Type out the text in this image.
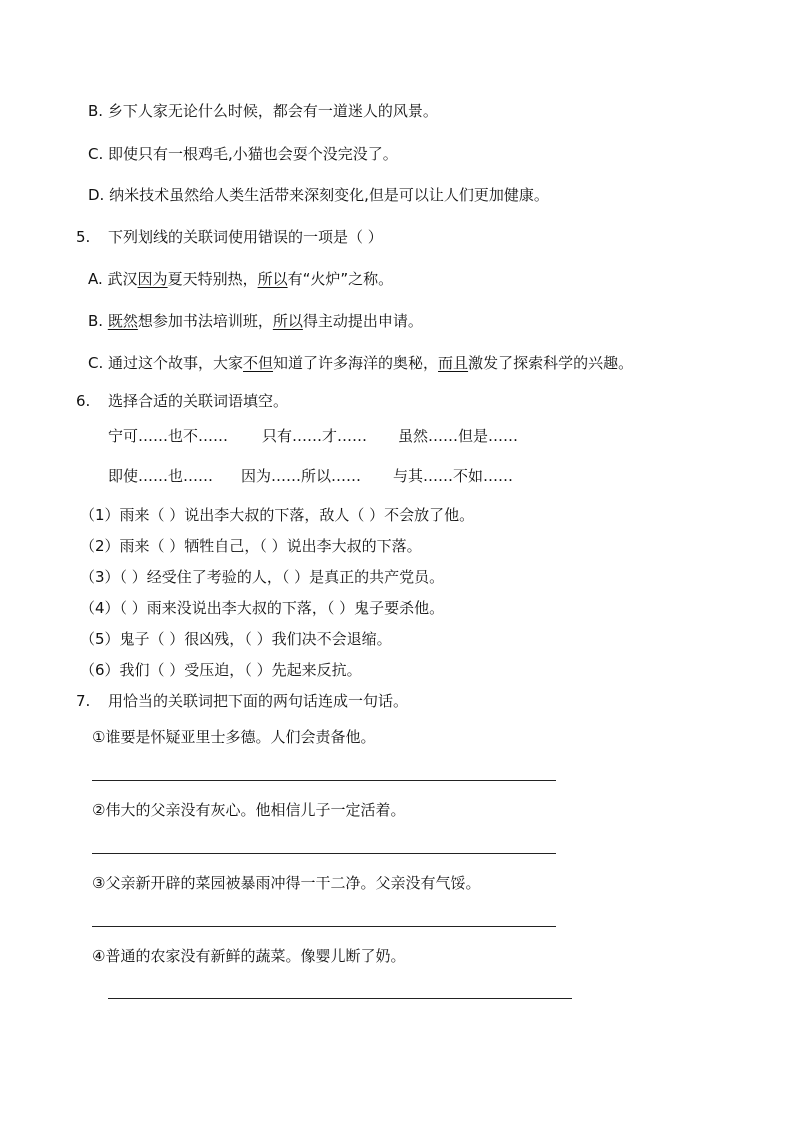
B. 乡下人家无论什么时候，都会有一道迷人的风景。
C. 即使只有一根鸡毛,小猫也会耍个没完没了。
D. 纳米技术虽然给人类生活带来深刻变化,但是可以让人们更加健康。
5. 下列划线的关联词使用错误的一项是（ ）
A. 武汉因为夏天特别热，所以有“火炉”之称。
B. 既然想参加书法培训班，所以得主动提出申请。
C. 通过这个故事，大家不但知道了许多海洋的奥秘，而且激发了探索科学的兴趣。
6. 选择合适的关联词语填空。
宁可……也不…… 只有……才…… 虽然……但是……
即使……也…… 因为……所以…… 与其……不如……
（1）雨来（ ）说出李大叔的下落，敌人（ ）不会放了他。
（2）雨来（ ）牺牲自己，（ ）说出李大叔的下落。
（3）（ ）经受住了考验的人，（ ）是真正的共产党员。
（4）（ ）雨来没说出李大叔的下落，（ ）鬼子要杀他。
（5）鬼子（ ）很凶残，（ ）我们决不会退缩。
（6）我们（ ）受压迫，（ ）先起来反抗。
7. 用恰当的关联词把下面的两句话连成一句话。
①谁要是怀疑亚里士多德。人们会责备他。
②伟大的父亲没有灰心。他相信儿子一定活着。
③父亲新开辟的菜园被暴雨冲得一干二净。父亲没有气馁。
④普通的农家没有新鲜的蔬菜。像婴儿断了奶。
